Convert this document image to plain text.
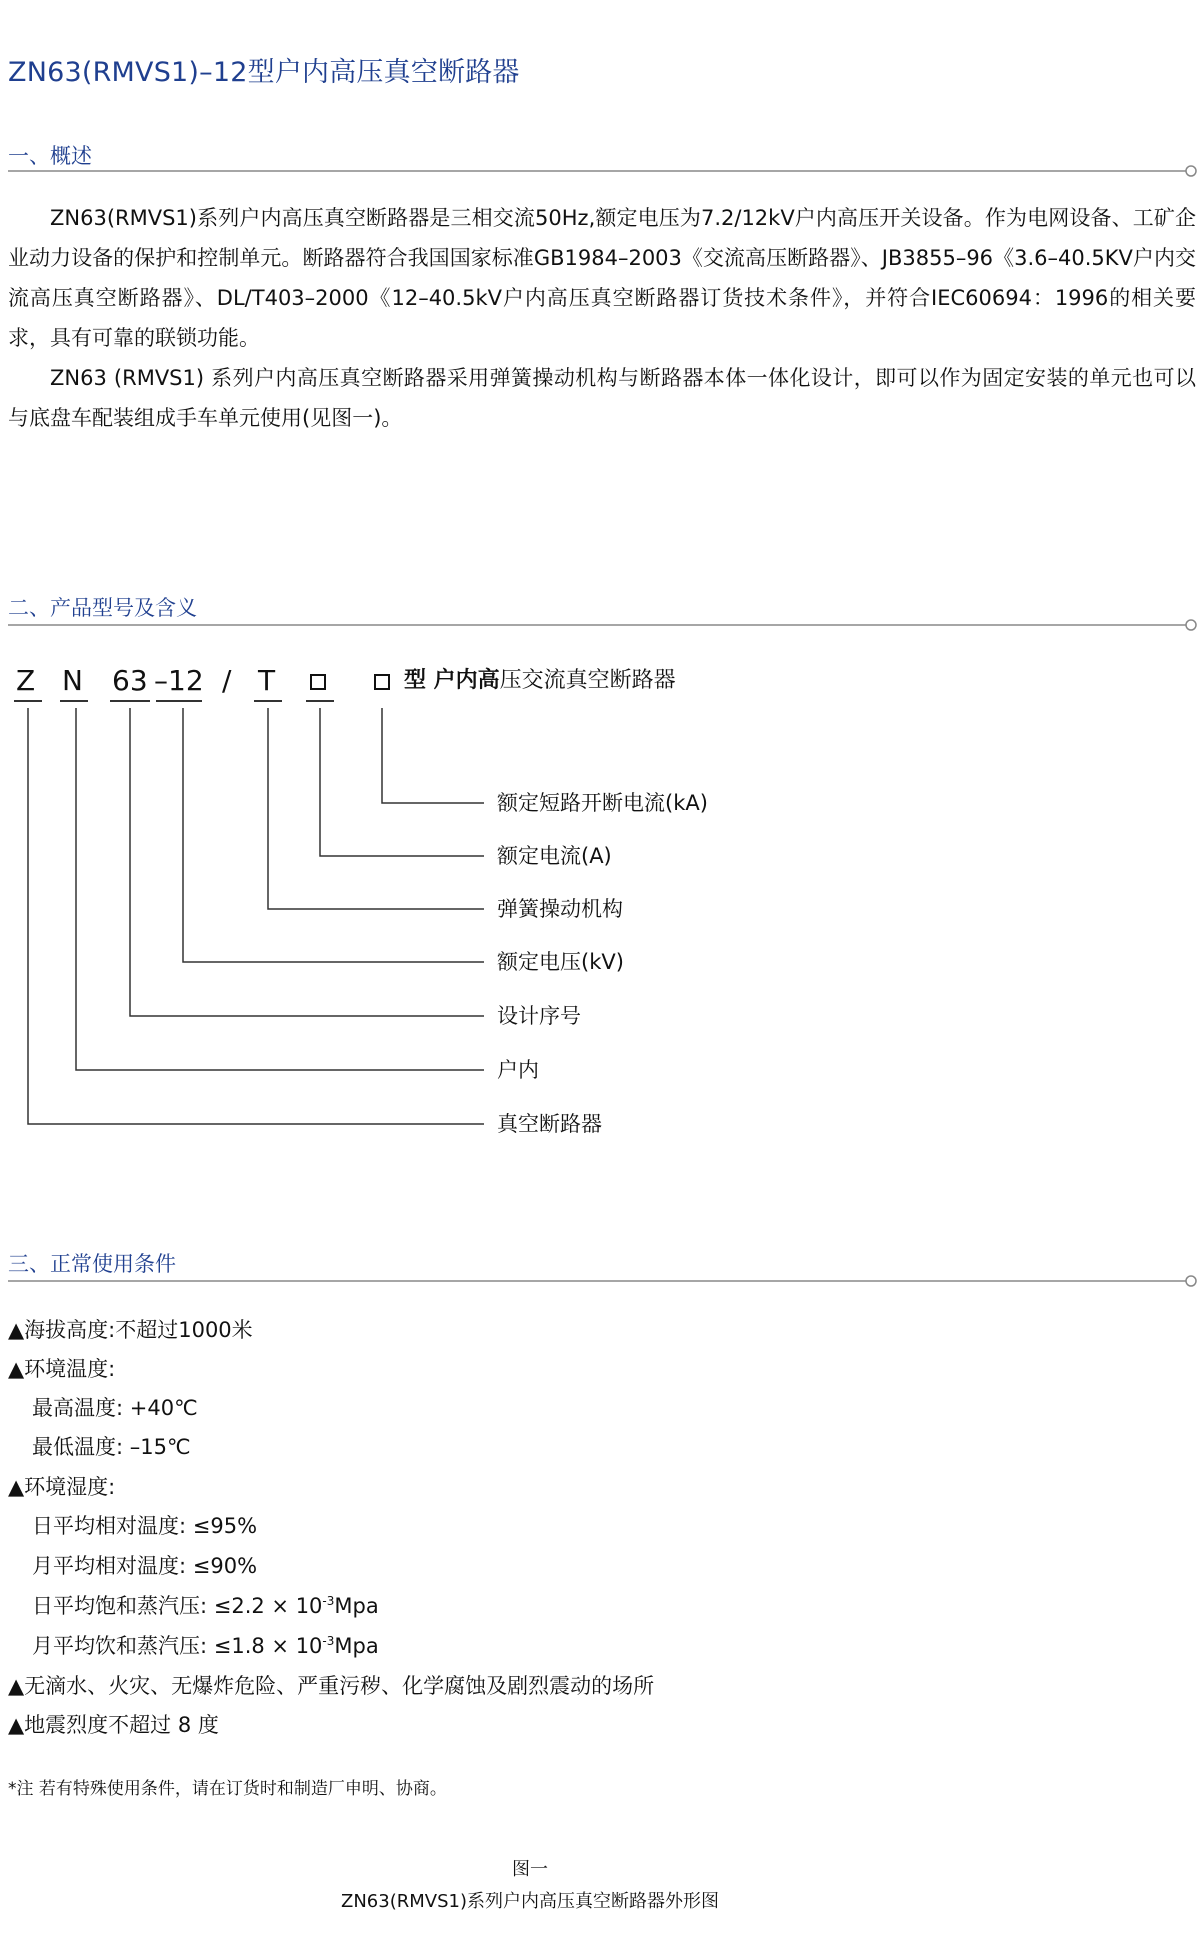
ZN63(RMVS1)–12型户内高压真空断路器
一、概述

ZN63(RMVS1)系列户内高压真空断路器是三相交流50Hz,额定电压为7.2/12kV户内高压开关设备。作为电网设备、工矿企业动力设备的保护和控制单元。断路器符合我国国家标准GB1984–2003《交流高压断路器》、JB3855–96《3.6–40.5KV户内交流高压真空断路器》、DL/T403–2000《12–40.5kV户内高压真空断路器订货技术条件》，并符合IEC60694：1996的相关要求，具有可靠的联锁功能。

ZN63 (RMVS1) 系列户内高压真空断路器采用弹簧操动机构与断路器本体一体化设计，即可以作为固定安装的单元也可以与底盘车配装组成手车单元使用(见图一)。

二、产品型号及含义
Z N 63 –12 / T	型 户内高压交流真空断路器
额定短路开断电流(kA)
额定电流(A)
弹簧操动机构
额定电压(kV)
设计序号
户内
真空断路器
三、正常使用条件
▲海拔高度:不超过1000米
▲环境温度:
最高温度: +40℃
最低温度: –15℃
▲环境湿度:
日平均相对温度: ≤95%
月平均相对温度: ≤90%
日平均饱和蒸汽压: $\le 2.2 \times 10^{-3}Mpa$
月平均饮和蒸汽压: $\le 1.8 \times 10^{-3}Mpa$
▲无滴水、火灾、无爆炸危险、严重污秽、化学腐蚀及剧烈震动的场所
▲地震烈度不超过 8 度
*注 若有特殊使用条件，请在订货时和制造厂申明、协商。
图一
ZN63(RMVS1)系列户内高压真空断路器外形图
